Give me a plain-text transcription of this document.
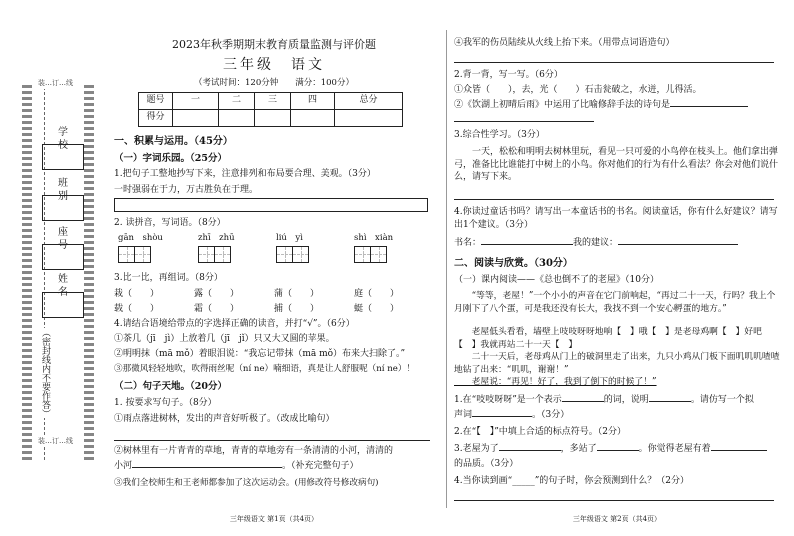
装…订…线
装…订…线
学校
班别
座号
姓名
（密封线内不要作答）
2023年秋季期期末教育质量监测与评价题
三年级　语文
（考试时间：120分钟　　满分：100分）
题号	一	二	三	四	总分
得分					
一、积累与运用。（45分）
（一）字词乐园。（25分）
1.把句子工整地抄写下来，注意排列和布局要合理、美观。（3分）
一时强弱在于力，万古胜负在于理。
2. 读拼音，写词语。（8分）
gān　shòu	zhī　zhū	liú　yì	shì　xiàn
3.比一比，再组词。（8分）
栽（　　）	露（　　）	蒲（　　）	庭（　　）
载（　　）	霜（　　）	捕（　　）	蜓（　　）
4.请结合语境给带点的字选择正确的读音，并打“√”。（6分）
①茶几（jī　jì）上放着几（jī　jǐ）只又大又圆的苹果。
②明明抹（mā mǒ）着眼泪说：“我忘记带抹（mā mǒ）布来大扫除了。”
③那微风轻轻地吹，吹得雨丝呢（ní ne）喃细语，真是让人舒服呢（ní ne）！
（二）句子天地。（20分）
1. 按要求写句子。（8分）
①雨点落进树林，发出的声音好听极了。（改成比喻句）
②树林里有一片青青的草地，青青的草地旁有一条清清的小河，清清的
小河	。（补充完整句子）
③我们全校师生和王老师都参加了这次运动会。(用修改符号修改病句)
三年级语文 第1页（共4页）
④我军的伤员陆续从火线上抬下来。（用带点词语造句）
2.背一背，写一写。（6分）
①众皆（　　），去，光（　　）石击瓮破之，水迸，儿得活。
②《饮湖上初晴后雨》中运用了比喻修辞手法的诗句是
3.综合性学习。（3分）
一天，松松和明明去树林里玩，看见一只可爱的小鸟停在枝头上。他们拿出弹弓，准备比比谁能打中树上的小鸟。你对他们的行为有什么看法？你会对他们说什么，请写下来。
4.你读过童话书吗？请写出一本童话书的书名。阅读童话，你有什么好建议？请写出1个建议。（3分）
书名：	我的建议：
二、阅读与欣赏。（30分）
（一）课内阅读——《总也倒不了的老屋》（10分）
　　“等等，老屋！”一个小小的声音在它门前响起，“再过二十一天，行吗？我上个月刚下了八个蛋，可是我还没有长大，我找不到一个安心孵蛋的地方。”
　　老屋低头看看，墙壁上吱吱呀呀地响【　】哦【　】是老母鸡啊【　】好吧【　】我就再站二十一天【　】
　　二十一天后，老母鸡从门上的破洞里走了出来，九只小鸡从门板下面叽叽叽喳喳地钻了出来：“叽叽，谢谢！”
　　老屋说：“再见！好了，我到了倒下的时候了！”
1.在“吱吱呀呀”是一个表示	的词，说明	。请仿写一个拟
声词	。（3分）
2.在“【　】”中填上合适的标点符号。（2分）
3.老屋为了	，多站了	。你觉得老屋有着
的品质。（3分）
4.当你读到画“_____”的句子时，你会预测到什么？（2分）
三年级语文 第2页（共4页）
